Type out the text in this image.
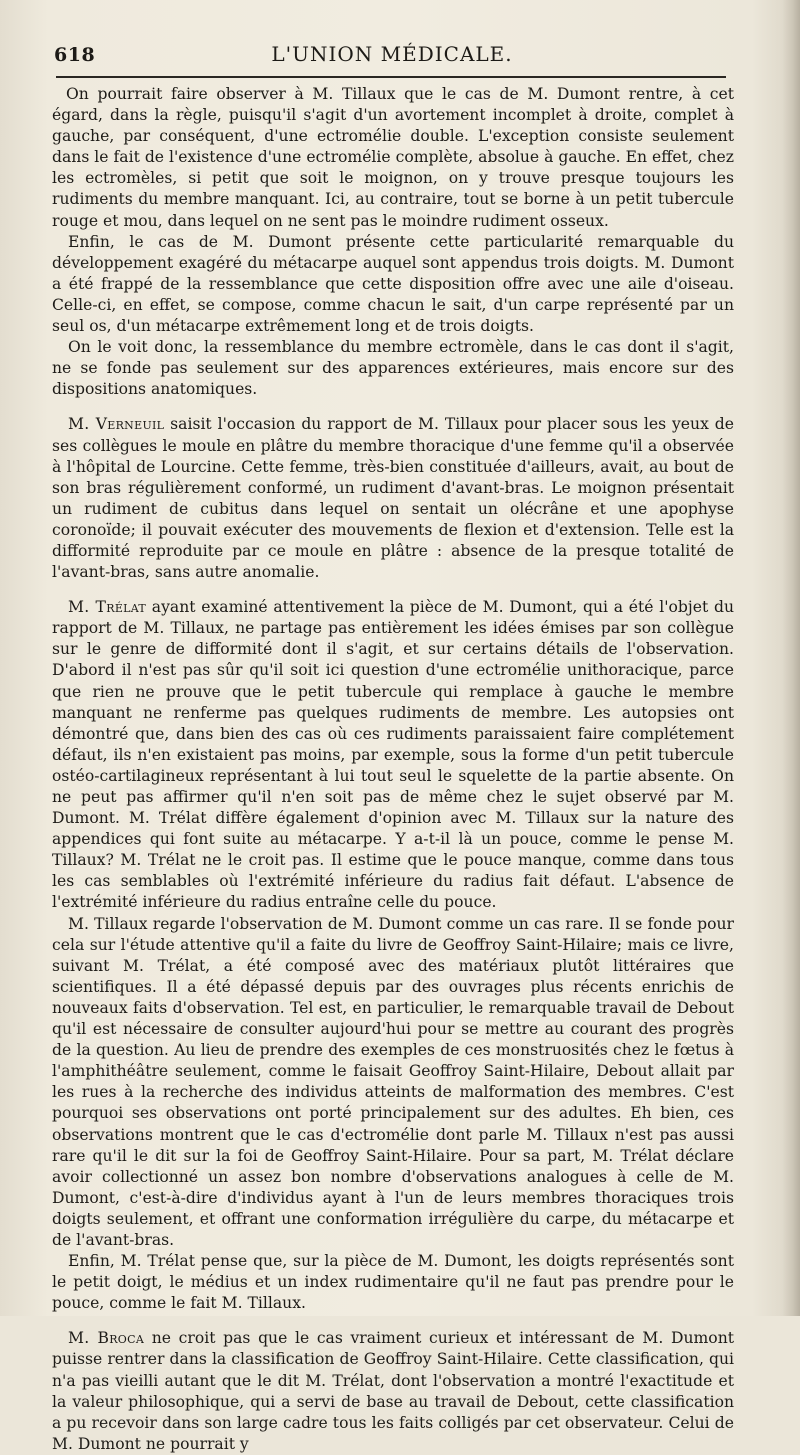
618	L'UNION MÉDICALE.

On pourrait faire observer à M. Tillaux que le cas de M. Dumont rentre, à cet égard, dans la règle, puisqu'il s'agit d'un avortement incomplet à droite, complet à gauche, par conséquent, d'une ectromélie double. L'exception consiste seulement dans le fait de l'existence d'une ectromélie complète, absolue à gauche. En effet, chez les ectromèles, si petit que soit le moignon, on y trouve presque toujours les rudiments du membre manquant. Ici, au contraire, tout se borne à un petit tubercule rouge et mou, dans lequel on ne sent pas le moindre rudiment osseux.

Enfin, le cas de M. Dumont présente cette particularité remarquable du développement exagéré du métacarpe auquel sont appendus trois doigts. M. Dumont a été frappé de la ressemblance que cette disposition offre avec une aile d'oiseau. Celle-ci, en effet, se compose, comme chacun le sait, d'un carpe représenté par un seul os, d'un métacarpe extrêmement long et de trois doigts.

On le voit donc, la ressemblance du membre ectromèle, dans le cas dont il s'agit, ne se fonde pas seulement sur des apparences extérieures, mais encore sur des dispositions anatomiques.

M. Verneuil saisit l'occasion du rapport de M. Tillaux pour placer sous les yeux de ses collègues le moule en plâtre du membre thoracique d'une femme qu'il a observée à l'hôpital de Lourcine. Cette femme, très-bien constituée d'ailleurs, avait, au bout de son bras régulièrement conformé, un rudiment d'avant-bras. Le moignon présentait un rudiment de cubitus dans lequel on sentait un olécrâne et une apophyse coronoïde; il pouvait exécuter des mouvements de flexion et d'extension. Telle est la difformité reproduite par ce moule en plâtre : absence de la presque totalité de l'avant-bras, sans autre anomalie.

M. Trélat ayant examiné attentivement la pièce de M. Dumont, qui a été l'objet du rapport de M. Tillaux, ne partage pas entièrement les idées émises par son collègue sur le genre de difformité dont il s'agit, et sur certains détails de l'observation. D'abord il n'est pas sûr qu'il soit ici question d'une ectromélie unithoracique, parce que rien ne prouve que le petit tubercule qui remplace à gauche le membre manquant ne renferme pas quelques rudiments de membre. Les autopsies ont démontré que, dans bien des cas où ces rudiments paraissaient faire complétement défaut, ils n'en existaient pas moins, par exemple, sous la forme d'un petit tubercule ostéo-cartilagineux représentant à lui tout seul le squelette de la partie absente. On ne peut pas affirmer qu'il n'en soit pas de même chez le sujet observé par M. Dumont. M. Trélat diffère également d'opinion avec M. Tillaux sur la nature des appendices qui font suite au métacarpe. Y a-t-il là un pouce, comme le pense M. Tillaux? M. Trélat ne le croit pas. Il estime que le pouce manque, comme dans tous les cas semblables où l'extrémité inférieure du radius fait défaut. L'absence de l'extrémité inférieure du radius entraîne celle du pouce.

M. Tillaux regarde l'observation de M. Dumont comme un cas rare. Il se fonde pour cela sur l'étude attentive qu'il a faite du livre de Geoffroy Saint-Hilaire; mais ce livre, suivant M. Trélat, a été composé avec des matériaux plutôt littéraires que scientifiques. Il a été dépassé depuis par des ouvrages plus récents enrichis de nouveaux faits d'observation. Tel est, en particulier, le remarquable travail de Debout qu'il est nécessaire de consulter aujourd'hui pour se mettre au courant des progrès de la question. Au lieu de prendre des exemples de ces monstruosités chez le fœtus à l'amphithéâtre seulement, comme le faisait Geoffroy Saint-Hilaire, Debout allait par les rues à la recherche des individus atteints de malformation des membres. C'est pourquoi ses observations ont porté principalement sur des adultes. Eh bien, ces observations montrent que le cas d'ectromélie dont parle M. Tillaux n'est pas aussi rare qu'il le dit sur la foi de Geoffroy Saint-Hilaire. Pour sa part, M. Trélat déclare avoir collectionné un assez bon nombre d'observations analogues à celle de M. Dumont, c'est-à-dire d'individus ayant à l'un de leurs membres thoraciques trois doigts seulement, et offrant une conformation irrégulière du carpe, du métacarpe et de l'avant-bras.

Enfin, M. Trélat pense que, sur la pièce de M. Dumont, les doigts représentés sont le petit doigt, le médius et un index rudimentaire qu'il ne faut pas prendre pour le pouce, comme le fait M. Tillaux.

M. Broca ne croit pas que le cas vraiment curieux et intéressant de M. Dumont puisse rentrer dans la classification de Geoffroy Saint-Hilaire. Cette classification, qui n'a pas vieilli autant que le dit M. Trélat, dont l'observation a montré l'exactitude et la valeur philosophique, qui a servi de base au travail de Debout, cette classification a pu recevoir dans son large cadre tous les faits colligés par cet observateur. Celui de M. Dumont ne pourrait y
